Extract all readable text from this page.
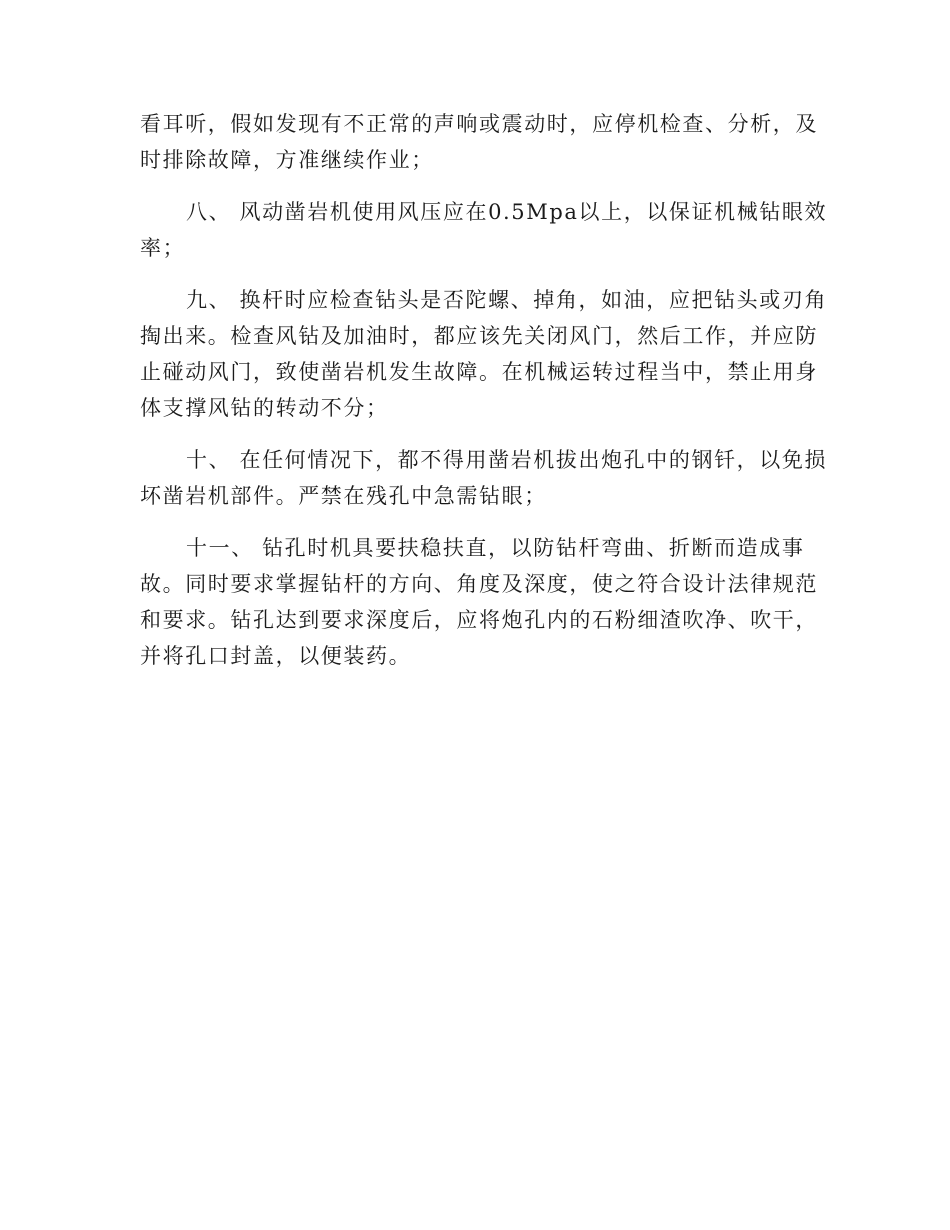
看耳听，假如发现有不正常的声响或震动时，应停机检查、分析，及
时排除故障，方准继续作业；

八、 风动凿岩机使用风压应在0.5Mpa以上，以保证机械钻眼效
率；

九、 换杆时应检查钻头是否陀螺、掉角，如油，应把钻头或刃角
掏出来。检查风钻及加油时，都应该先关闭风门，然后工作，并应防
止碰动风门，致使凿岩机发生故障。在机械运转过程当中，禁止用身
体支撑风钻的转动不分；

十、 在任何情况下，都不得用凿岩机拔出炮孔中的钢钎，以免损
坏凿岩机部件。严禁在残孔中急需钻眼；

十一、 钻孔时机具要扶稳扶直，以防钻杆弯曲、折断而造成事
故。同时要求掌握钻杆的方向、角度及深度，使之符合设计法律规范
和要求。钻孔达到要求深度后，应将炮孔内的石粉细渣吹净、吹干，
并将孔口封盖，以便装药。
